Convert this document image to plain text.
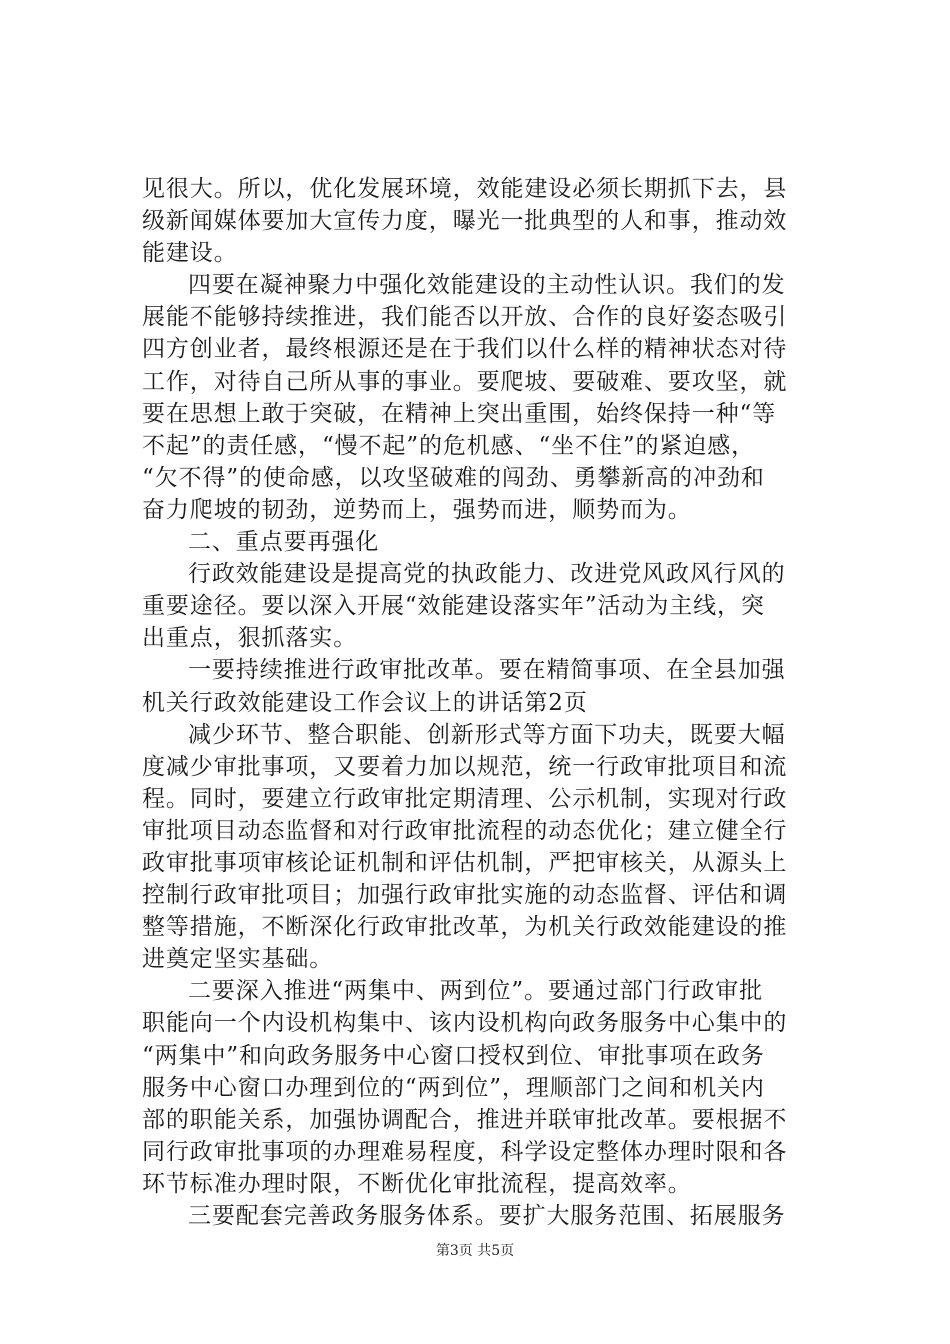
见很大。所以，优化发展环境，效能建设必须长期抓下去，县
级新闻媒体要加大宣传力度，曝光一批典型的人和事，推动效
能建设。
四要在凝神聚力中强化效能建设的主动性认识。我们的发
展能不能够持续推进，我们能否以开放、合作的良好姿态吸引
四方创业者，最终根源还是在于我们以什么样的精神状态对待
工作，对待自己所从事的事业。要爬坡、要破难、要攻坚，就
要在思想上敢于突破，在精神上突出重围，始终保持一种“等
不起”的责任感，“慢不起”的危机感、“坐不住”的紧迫感，
“欠不得”的使命感，以攻坚破难的闯劲、勇攀新高的冲劲和
奋力爬坡的韧劲，逆势而上，强势而进，顺势而为。
二、重点要再强化
行政效能建设是提高党的执政能力、改进党风政风行风的
重要途径。要以深入开展“效能建设落实年”活动为主线，突
出重点，狠抓落实。
一要持续推进行政审批改革。要在精简事项、在全县加强
机关行政效能建设工作会议上的讲话第2页
减少环节、整合职能、创新形式等方面下功夫，既要大幅
度减少审批事项，又要着力加以规范，统一行政审批项目和流
程。同时，要建立行政审批定期清理、公示机制，实现对行政
审批项目动态监督和对行政审批流程的动态优化；建立健全行
政审批事项审核论证机制和评估机制，严把审核关，从源头上
控制行政审批项目；加强行政审批实施的动态监督、评估和调
整等措施，不断深化行政审批改革，为机关行政效能建设的推
进奠定坚实基础。
二要深入推进“两集中、两到位”。要通过部门行政审批
职能向一个内设机构集中、该内设机构向政务服务中心集中的
“两集中”和向政务服务中心窗口授权到位、审批事项在政务
服务中心窗口办理到位的“两到位”，理顺部门之间和机关内
部的职能关系，加强协调配合，推进并联审批改革。要根据不
同行政审批事项的办理难易程度，科学设定整体办理时限和各
环节标准办理时限，不断优化审批流程，提高效率。
三要配套完善政务服务体系。要扩大服务范围、拓展服务
第3页 共5页
